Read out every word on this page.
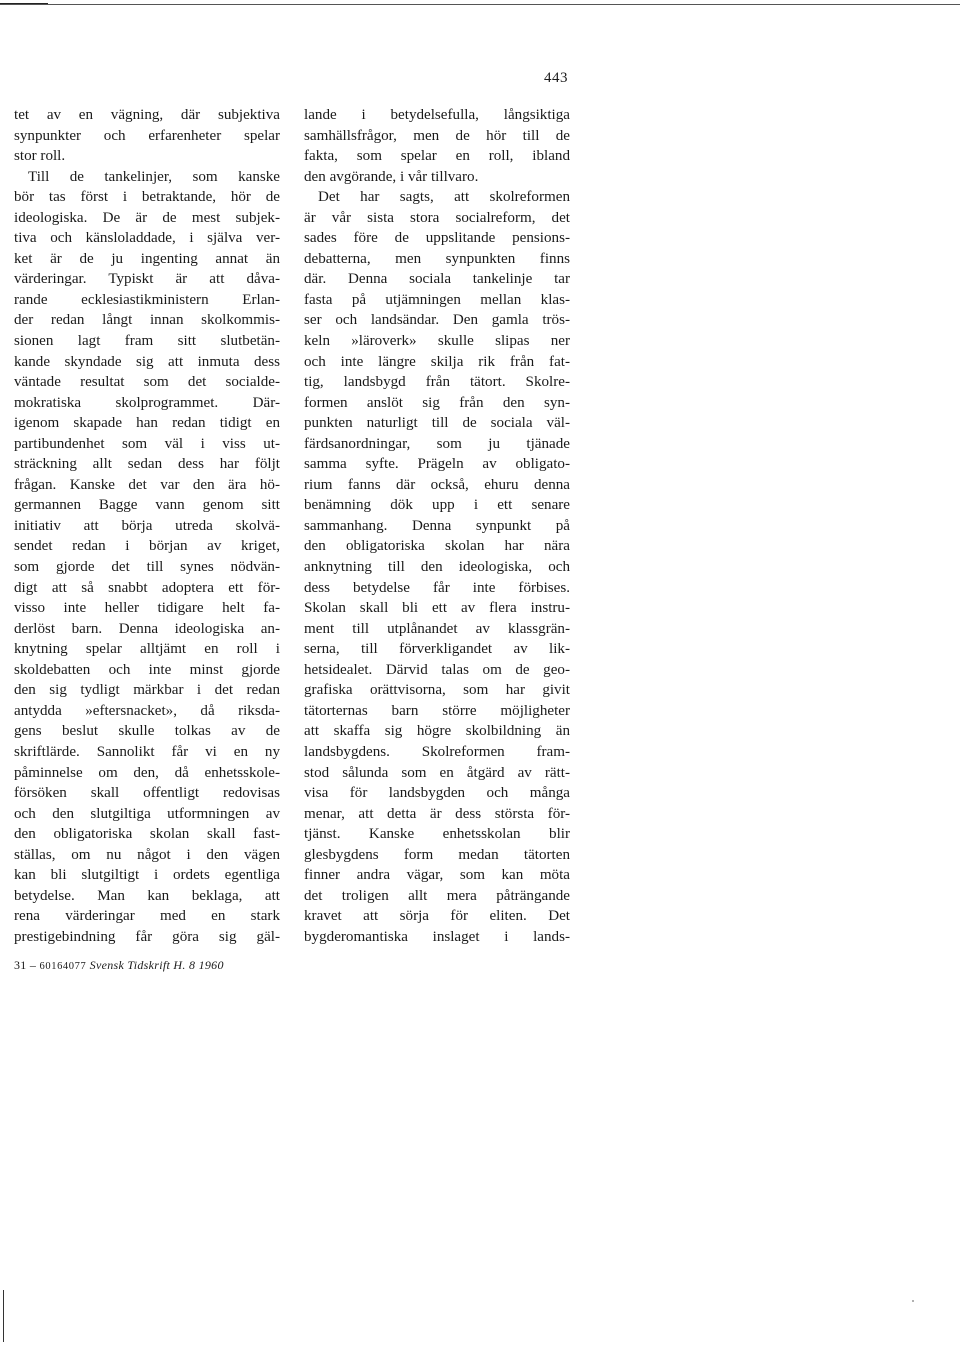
443
tet av en vägning, där subjektiva
synpunkter och erfarenheter spelar
stor roll.
Till de tankelinjer, som kanske
bör tas först i betraktande, hör de
ideologiska. De är de mest subjek-
tiva och känsloladdade, i själva ver-
ket är de ju ingenting annat än
värderingar. Typiskt är att dåva-
rande ecklesiastikministern Erlan-
der redan långt innan skolkommis-
sionen lagt fram sitt slutbetän-
kande skyndade sig att inmuta dess
väntade resultat som det socialde-
mokratiska skolprogrammet. Där-
igenom skapade han redan tidigt en
partibundenhet som väl i viss ut-
sträckning allt sedan dess har följt
frågan. Kanske det var den ära hö-
germannen Bagge vann genom sitt
initiativ att börja utreda skolvä-
sendet redan i början av kriget,
som gjorde det till synes nödvän-
digt att så snabbt adoptera ett för-
visso inte heller tidigare helt fa-
derlöst barn. Denna ideologiska an-
knytning spelar alltjämt en roll i
skoldebatten och inte minst gjorde
den sig tydligt märkbar i det redan
antydda »eftersnacket», då riksda-
gens beslut skulle tolkas av de
skriftlärde. Sannolikt får vi en ny
påminnelse om den, då enhetsskole-
försöken skall offentligt redovisas
och den slutgiltiga utformningen av
den obligatoriska skolan skall fast-
ställas, om nu något i den vägen
kan bli slutgiltigt i ordets egentliga
betydelse. Man kan beklaga, att
rena värderingar med en stark
prestigebindning får göra sig gäl-
lande i betydelsefulla, långsiktiga
samhällsfrågor, men de hör till de
fakta, som spelar en roll, ibland
den avgörande, i vår tillvaro.
Det har sagts, att skolreformen
är vår sista stora socialreform, det
sades före de uppslitande pensions-
debatterna, men synpunkten finns
där. Denna sociala tankelinje tar
fasta på utjämningen mellan klas-
ser och landsändar. Den gamla trös-
keln »läroverk» skulle slipas ner
och inte längre skilja rik från fat-
tig, landsbygd från tätort. Skolre-
formen anslöt sig från den syn-
punkten naturligt till de sociala väl-
färdsanordningar, som ju tjänade
samma syfte. Prägeln av obligato-
rium fanns där också, ehuru denna
benämning dök upp i ett senare
sammanhang. Denna synpunkt på
den obligatoriska skolan har nära
anknytning till den ideologiska, och
dess betydelse får inte förbises.
Skolan skall bli ett av flera instru-
ment till utplånandet av klassgrän-
serna, till förverkligandet av lik-
hetsidealet. Därvid talas om de geo-
grafiska orättvisorna, som har givit
tätorternas barn större möjligheter
att skaffa sig högre skolbildning än
landsbygdens. Skolreformen fram-
stod sålunda som en åtgärd av rätt-
visa för landsbygden och många
menar, att detta är dess största för-
tjänst. Kanske enhetsskolan blir
glesbygdens form medan tätorten
finner andra vägar, som kan möta
det troligen allt mera påträngande
kravet att sörja för eliten. Det
bygderomantiska inslaget i lands-
31 – 60164077 Svensk Tidskrift H. 8 1960
